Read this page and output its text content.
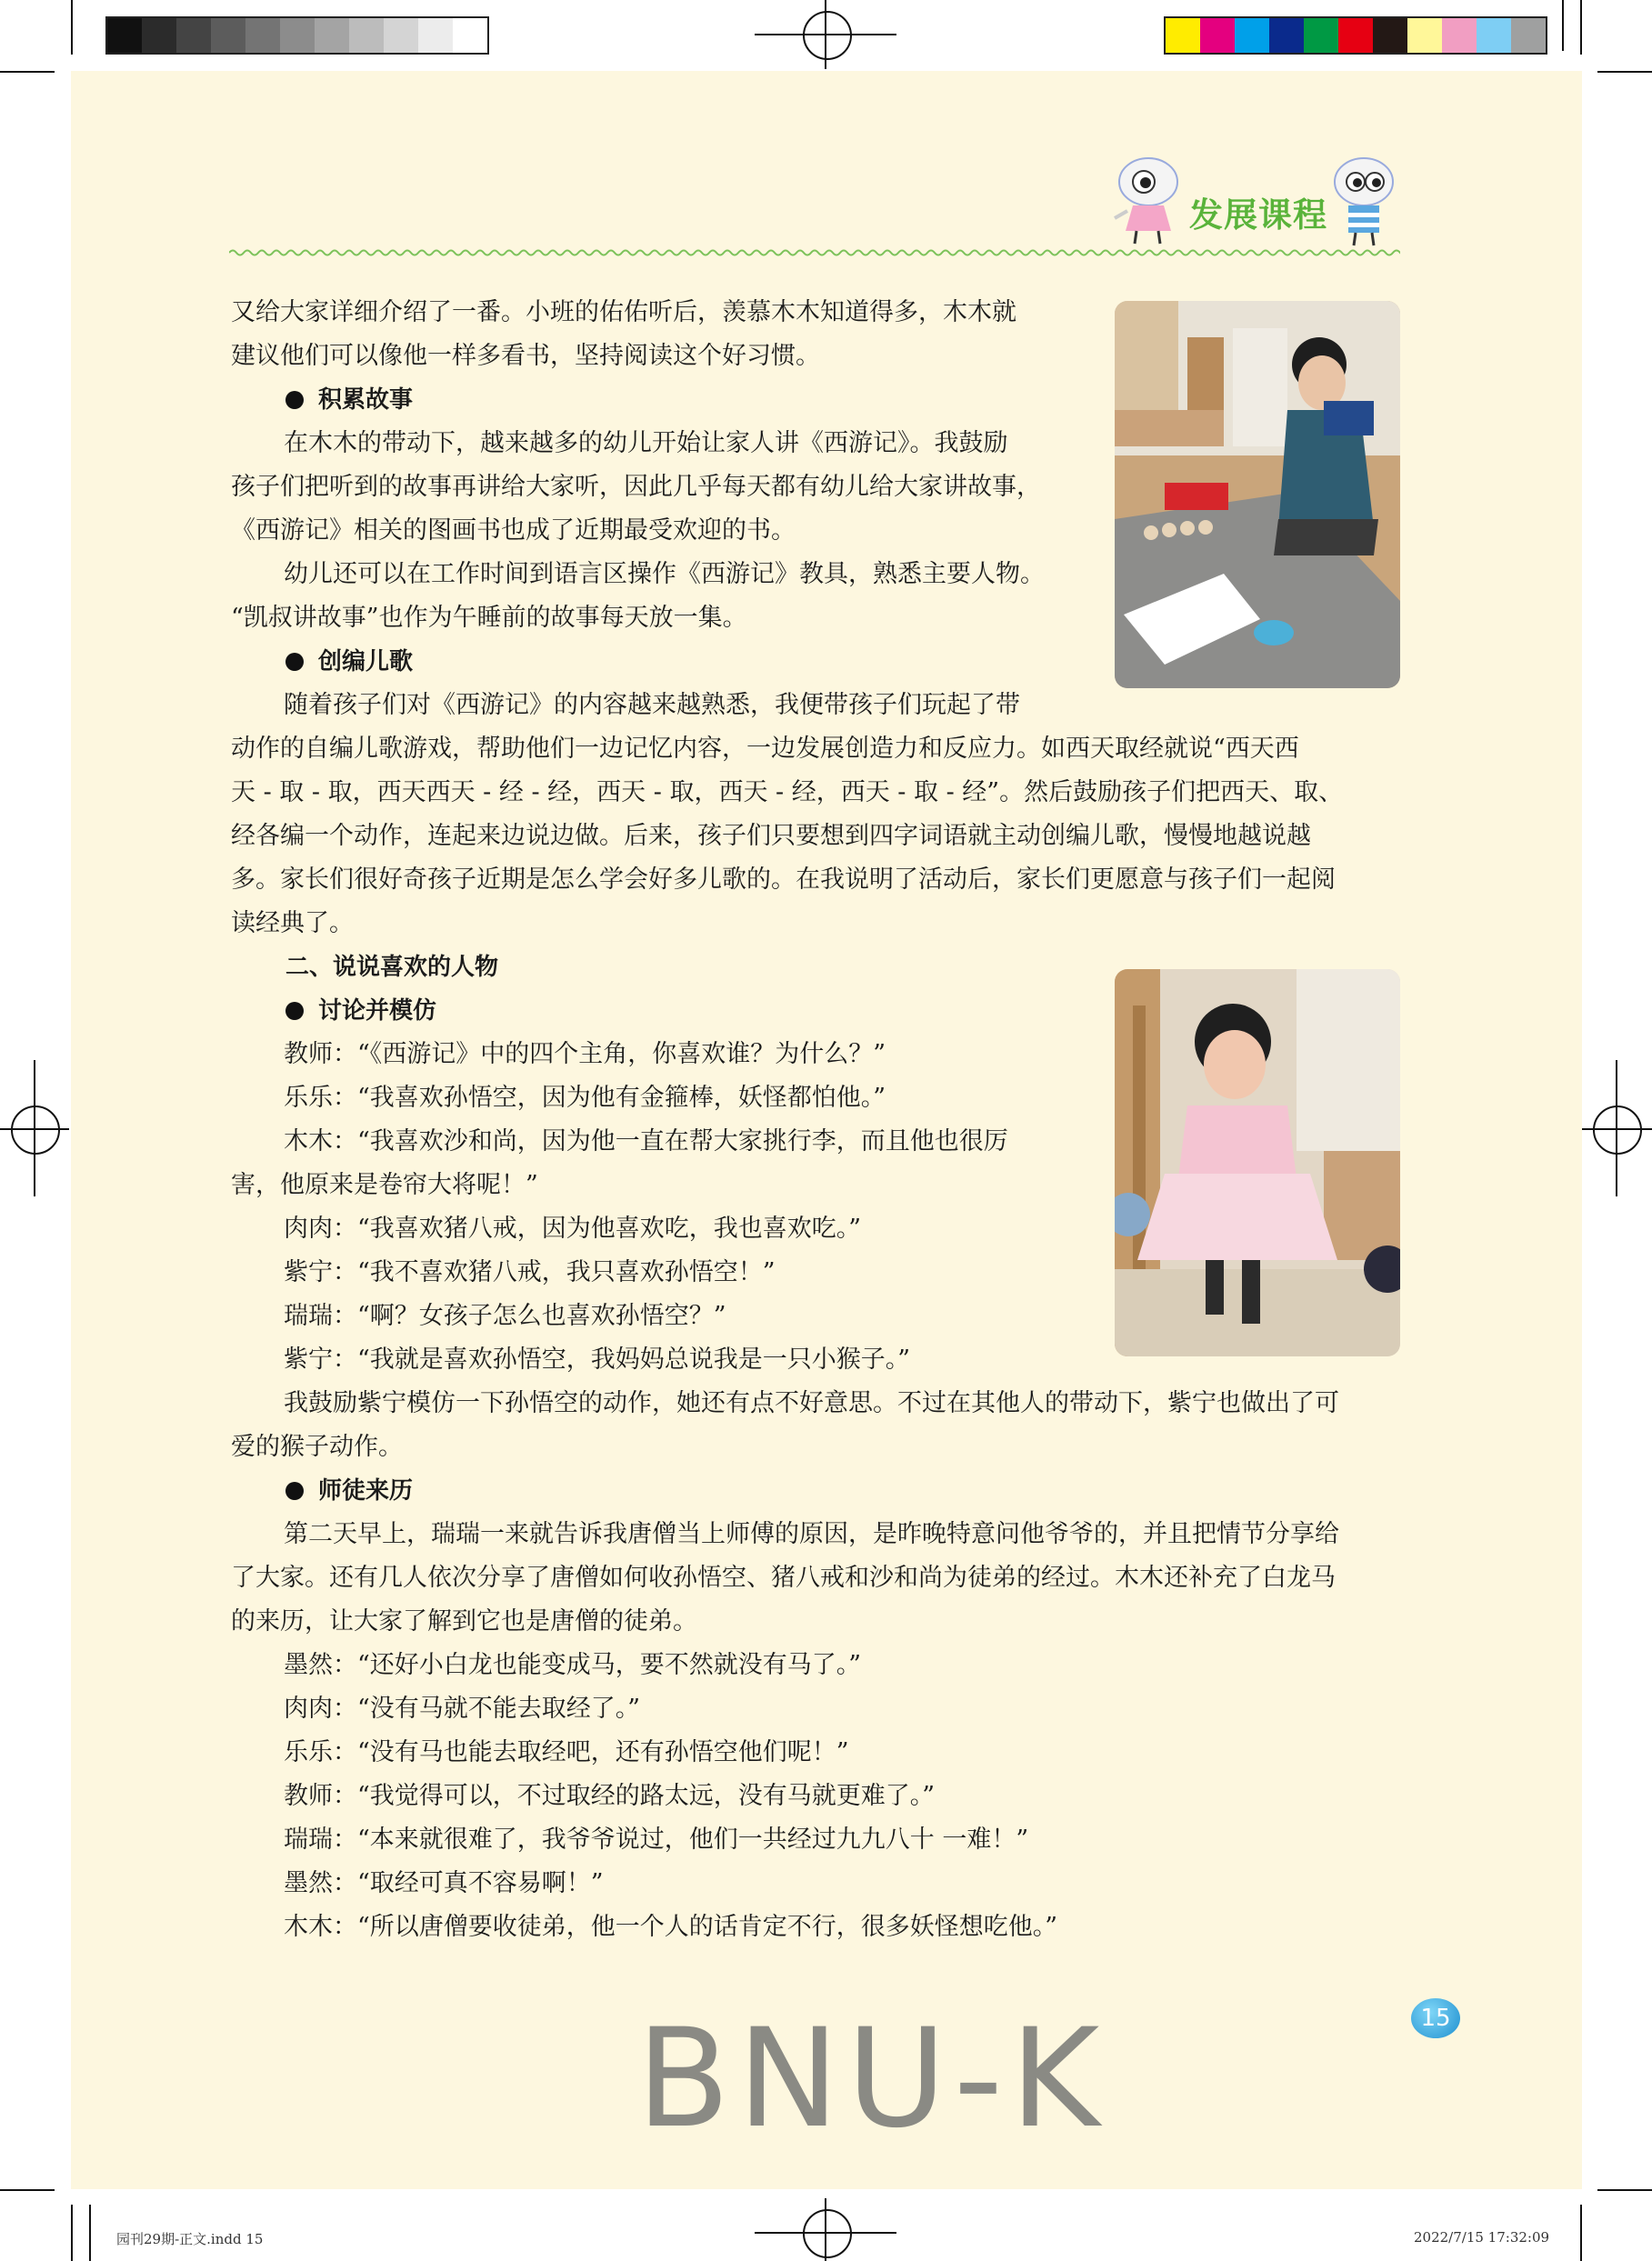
发展课程

又给大家详细介绍了一番。小班的佑佑听后，羡慕木木知道得多，木木就

建议他们可以像他一样多看书，坚持阅读这个好习惯。

积累故事

在木木的带动下，越来越多的幼儿开始让家人讲《西游记》。我鼓励

孩子们把听到的故事再讲给大家听，因此几乎每天都有幼儿给大家讲故事，

《西游记》相关的图画书也成了近期最受欢迎的书。

幼儿还可以在工作时间到语言区操作《西游记》教具，熟悉主要人物。

“凯叔讲故事”也作为午睡前的故事每天放一集。

创编儿歌

随着孩子们对《西游记》的内容越来越熟悉，我便带孩子们玩起了带

动作的自编儿歌游戏，帮助他们一边记忆内容，一边发展创造力和反应力。如西天取经就说“西天西

天 - 取 - 取，西天西天 - 经 - 经，西天 - 取，西天 - 经，西天 - 取 - 经”。然后鼓励孩子们把西天、取、

经各编一个动作，连起来边说边做。后来，孩子们只要想到四字词语就主动创编儿歌，慢慢地越说越

多。家长们很好奇孩子近期是怎么学会好多儿歌的。在我说明了活动后，家长们更愿意与孩子们一起阅

读经典了。

二、说说喜欢的人物

讨论并模仿

教师：“《西游记》中的四个主角，你喜欢谁？为什么？”

乐乐：“我喜欢孙悟空，因为他有金箍棒，妖怪都怕他。”

木木：“我喜欢沙和尚，因为他一直在帮大家挑行李，而且他也很厉

害，他原来是卷帘大将呢！”

肉肉：“我喜欢猪八戒，因为他喜欢吃，我也喜欢吃。”

紫宁：“我不喜欢猪八戒，我只喜欢孙悟空！”

瑞瑞：“啊？女孩子怎么也喜欢孙悟空？”

紫宁：“我就是喜欢孙悟空，我妈妈总说我是一只小猴子。”

我鼓励紫宁模仿一下孙悟空的动作，她还有点不好意思。不过在其他人的带动下，紫宁也做出了可

爱的猴子动作。

师徒来历

第二天早上，瑞瑞一来就告诉我唐僧当上师傅的原因，是昨晚特意问他爷爷的，并且把情节分享给

了大家。还有几人依次分享了唐僧如何收孙悟空、猪八戒和沙和尚为徒弟的经过。木木还补充了白龙马

的来历，让大家了解到它也是唐僧的徒弟。

墨然：“还好小白龙也能变成马，要不然就没有马了。”

肉肉：“没有马就不能去取经了。”

乐乐：“没有马也能去取经吧，还有孙悟空他们呢！”

教师：“我觉得可以，不过取经的路太远，没有马就更难了。”

瑞瑞：“本来就很难了，我爷爷说过，他们一共经过九九八十 一难！”

墨然：“取经可真不容易啊！”

木木：“所以唐僧要收徒弟，他一个人的话肯定不行，很多妖怪想吃他。”

15
BNU-K
园刊29期-正文.indd 15	2022/7/15 17:32:09
